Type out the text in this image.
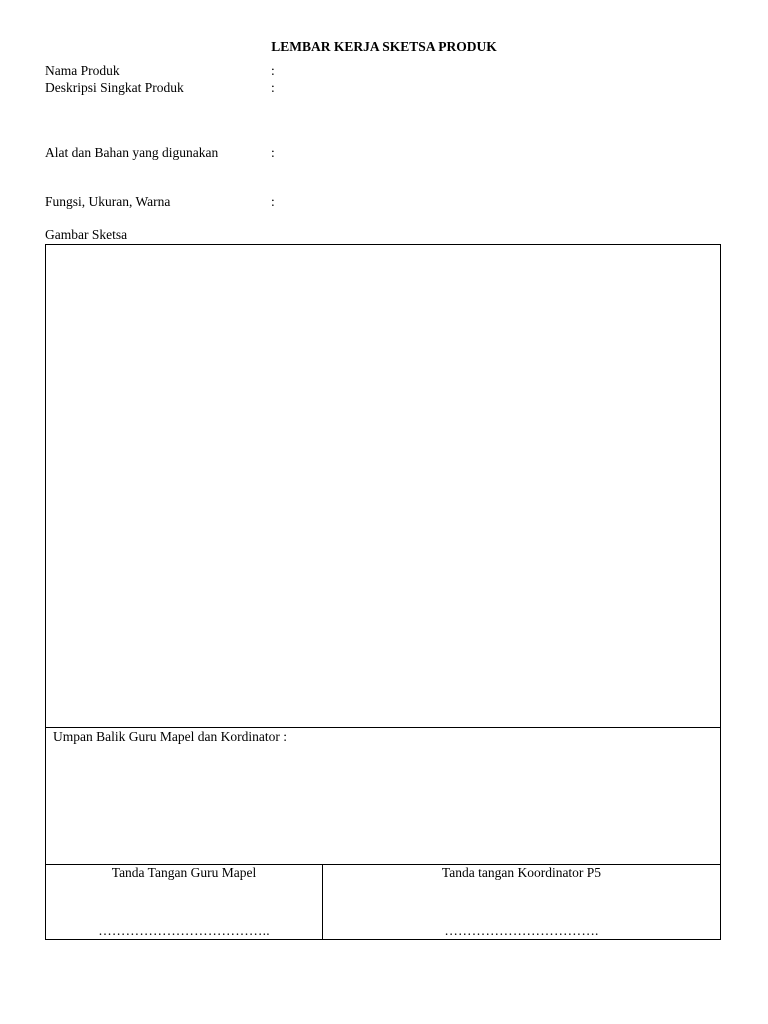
LEMBAR KERJA SKETSA PRODUK
Nama Produk	:
Deskripsi Singkat Produk	:
Alat dan Bahan yang digunakan	:
Fungsi, Ukuran, Warna	:
Gambar Sketsa
Umpan Balik Guru Mapel dan Kordinator :
Tanda Tangan Guru Mapel
………………………………..
Tanda tangan Koordinator P5
…………………………….
